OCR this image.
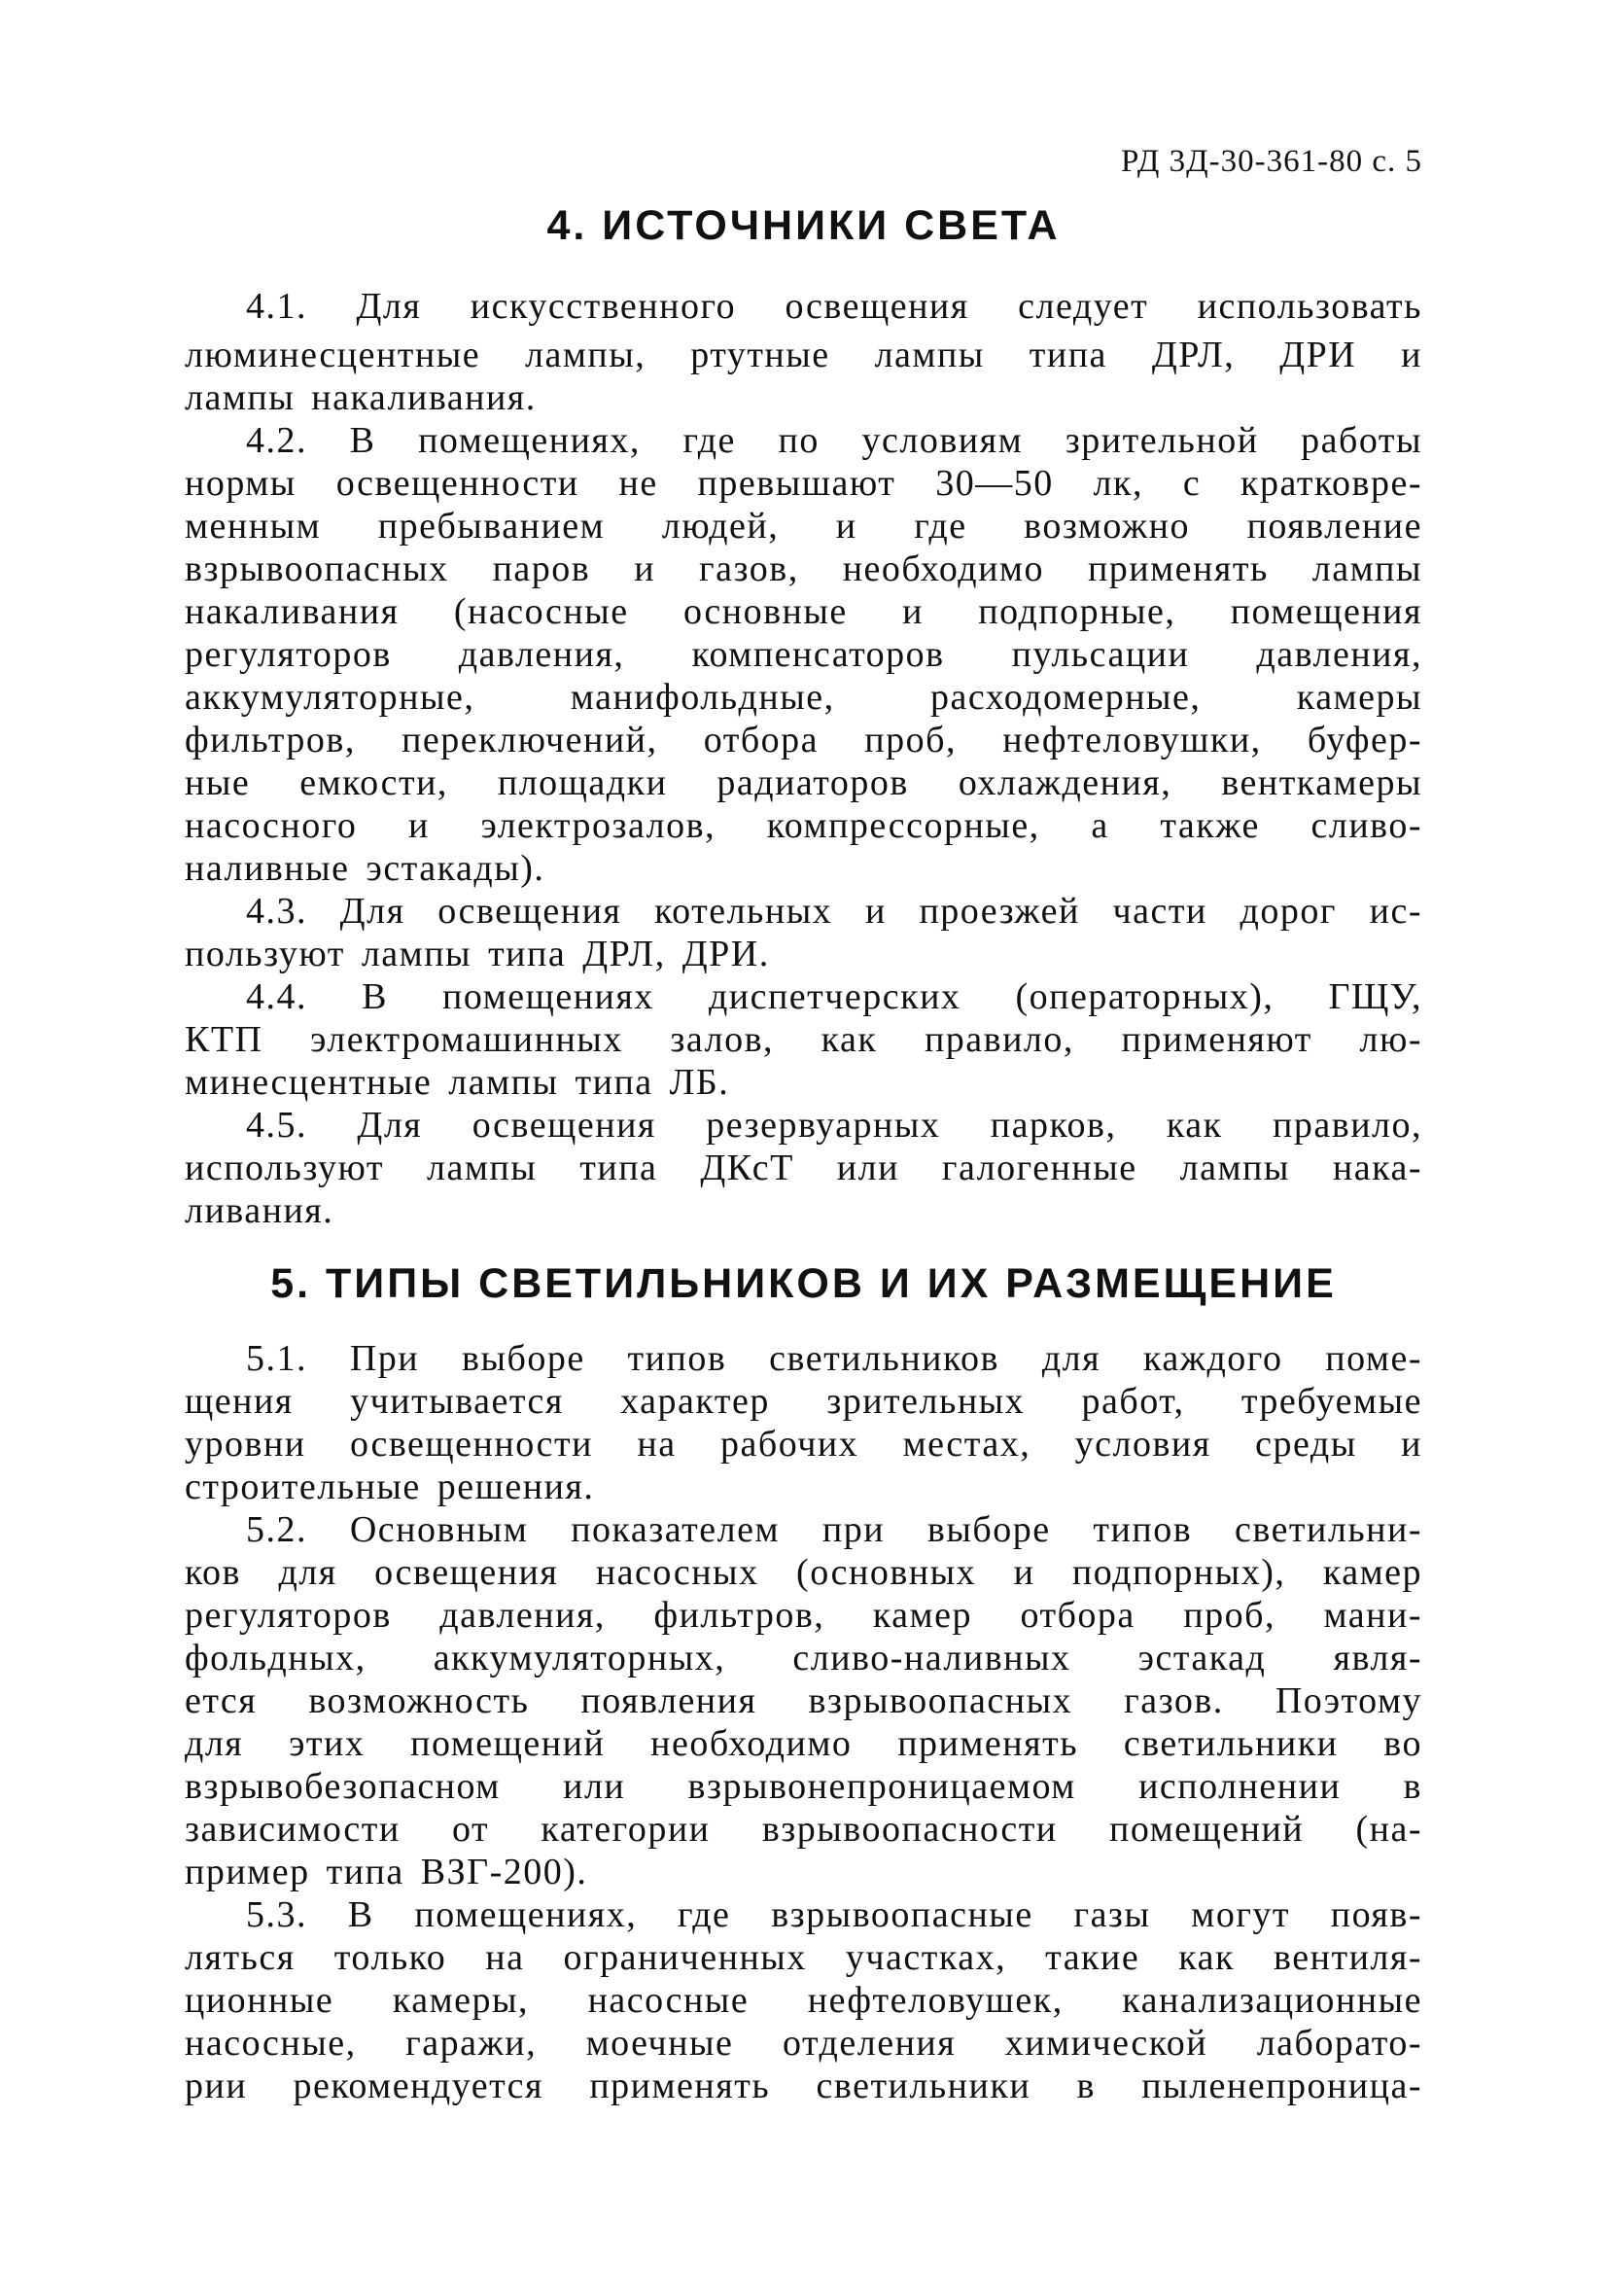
РД 3Д-30-361-80 с. 5
4. ИСТОЧНИКИ СВЕТА
4.1. Для искусственного освещения следует использовать
люминесцентные лампы, ртутные лампы типа ДРЛ, ДРИ и
лампы накаливания.
4.2. В помещениях, где по условиям зрительной работы
нормы освещенности не превышают 30—50 лк, с кратковре-
менным пребыванием людей, и где возможно появление
взрывоопасных паров и газов, необходимо применять лампы
накаливания (насосные основные и подпорные, помещения
регуляторов давления, компенсаторов пульсации давления,
аккумуляторные, манифольдные, расходомерные, камеры
фильтров, переключений, отбора проб, нефтеловушки, буфер-
ные емкости, площадки радиаторов охлаждения, венткамеры
насосного и электрозалов, компрессорные, а также сливо-
наливные эстакады).
4.3. Для освещения котельных и проезжей части дорог ис-
пользуют лампы типа ДРЛ, ДРИ.
4.4. В помещениях диспетчерских (операторных), ГЩУ,
КТП электромашинных залов, как правило, применяют лю-
минесцентные лампы типа ЛБ.
4.5. Для освещения резервуарных парков, как правило,
используют лампы типа ДКсТ или галогенные лампы нака-
ливания.
5. ТИПЫ СВЕТИЛЬНИКОВ И ИХ РАЗМЕЩЕНИЕ
5.1. При выборе типов светильников для каждого поме-
щения учитывается характер зрительных работ, требуемые
уровни освещенности на рабочих местах, условия среды и
строительные решения.
5.2. Основным показателем при выборе типов светильни-
ков для освещения насосных (основных и подпорных), камер
регуляторов давления, фильтров, камер отбора проб, мани-
фольдных, аккумуляторных, сливо-наливных эстакад явля-
ется возможность появления взрывоопасных газов. Поэтому
для этих помещений необходимо применять светильники во
взрывобезопасном или взрывонепроницаемом исполнении в
зависимости от категории взрывоопасности помещений (на-
пример типа ВЗГ-200).
5.3. В помещениях, где взрывоопасные газы могут появ-
ляться только на ограниченных участках, такие как вентиля-
ционные камеры, насосные нефтеловушек, канализационные
насосные, гаражи, моечные отделения химической лаборато-
рии рекомендуется применять светильники в пыленепроница-
